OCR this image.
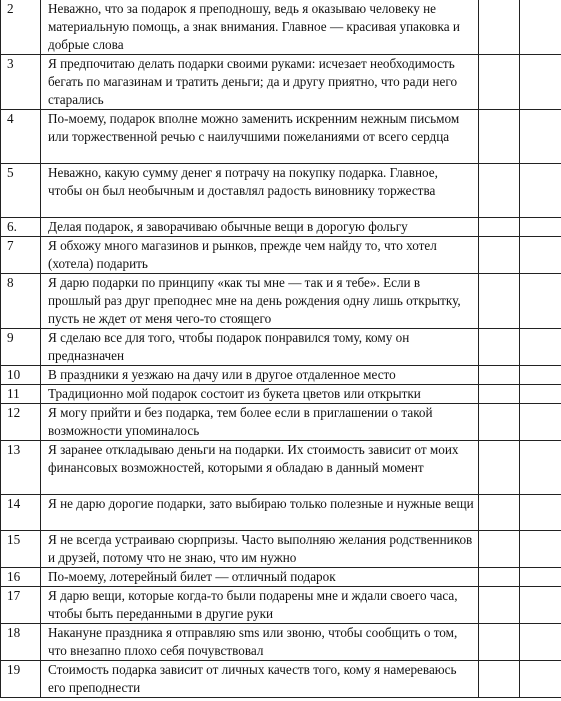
2	Неважно, что за подарок я преподношу, ведь я оказываю человеку не материальную помощь, а знак внимания. Главное — красивая упаковка и добрые слова		
3	Я предпочитаю делать подарки своими руками: исчезает необходимость бегать по магазинам и тратить деньги; да и другу приятно, что ради него старались		
4	По-моему, подарок вполне можно заменить искренним нежным письмом или торжественной речью с наилучшими пожеланиями от всего сердца		
5	Неважно, какую сумму денег я потрачу на покупку подарка. Главное, чтобы он был необычным и доставлял радость виновнику торжества		
6.	Делая подарок, я заворачиваю обычные вещи в дорогую фольгу		
7	Я обхожу много магазинов и рынков, прежде чем найду то, что хотел (хотела) подарить		
8	Я дарю подарки по принципу «как ты мне — так и я тебе». Если в прошлый раз друг преподнес мне на день рождения одну лишь открытку, пусть не ждет от меня чего-то стоящего		
9	Я сделаю все для того, чтобы подарок понравился тому, кому он предназначен		
10	В праздники я уезжаю на дачу или в другое отдаленное место		
11	Традиционно мой подарок состоит из букета цветов или открытки		
12	Я могу прийти и без подарка, тем более если в приглашении о такой возможности упоминалось		
13	Я заранее откладываю деньги на подарки. Их стоимость зависит от моих финансовых возможностей, которыми я обладаю в данный момент		
14	Я не дарю дорогие подарки, зато выбираю только полезные и нужные вещи		
15	Я не всегда устраиваю сюрпризы. Часто выполняю желания родственников и друзей, потому что не знаю, что им нужно		
16	По-моему, лотерейный билет — отличный подарок		
17	Я дарю вещи, которые когда-то были подарены мне и ждали своего часа, чтобы быть переданными в другие руки		
18	Накануне праздника я отправляю sms или звоню, чтобы сообщить о том, что внезапно плохо себя почувствовал		
19	Стоимость подарка зависит от личных качеств того, кому я намереваюсь его преподнести		
